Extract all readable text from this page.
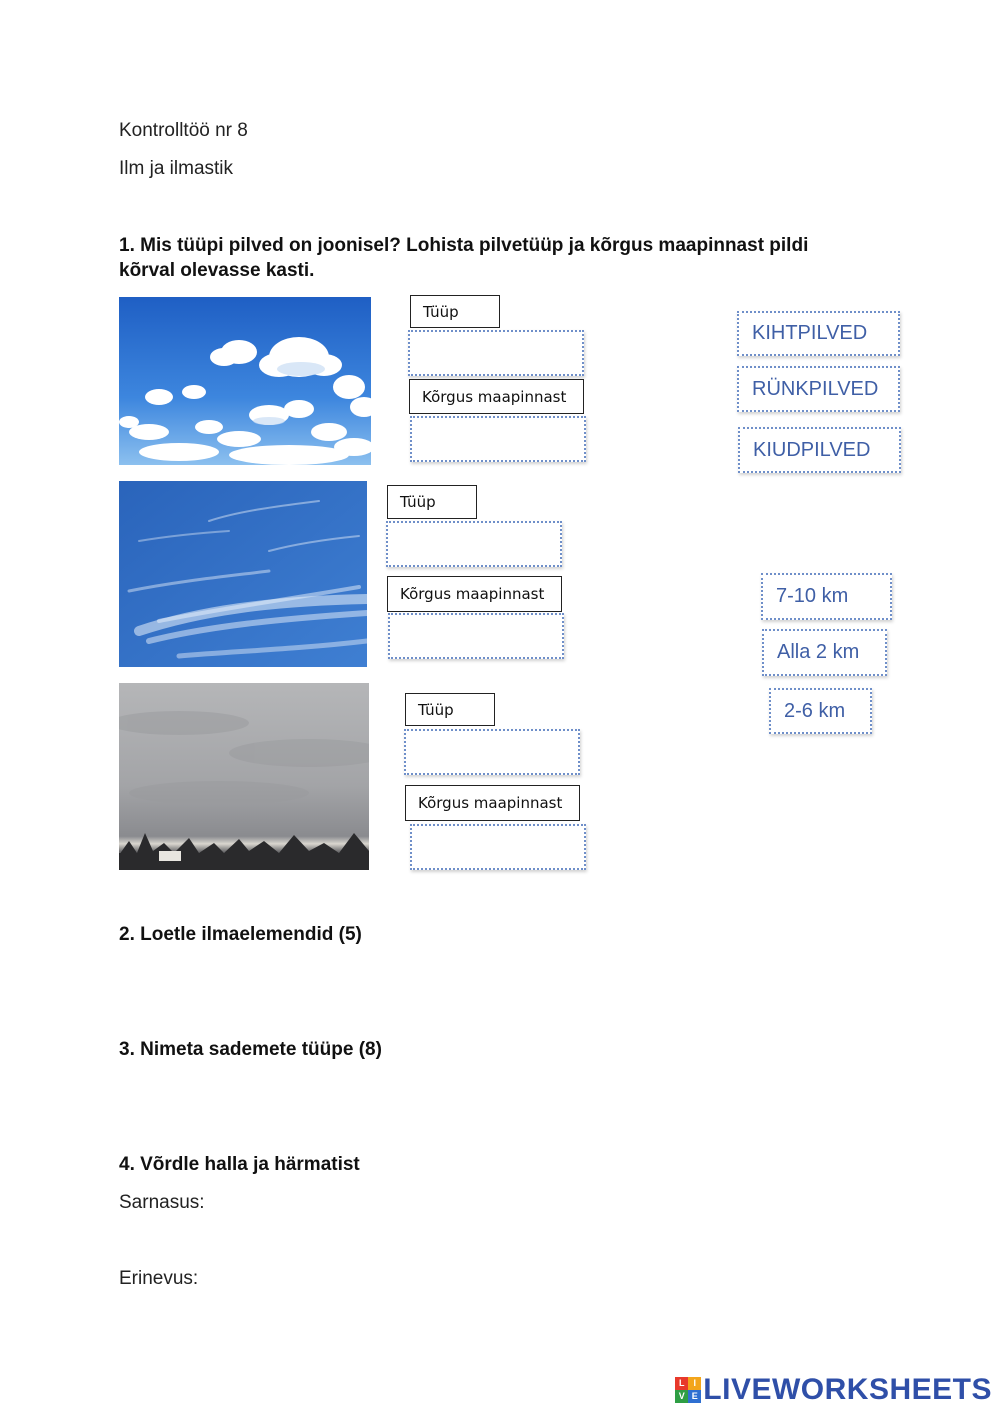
Kontrolltöö nr 8
Ilm ja ilmastik
1. Mis tüüpi pilved on joonisel? Lohista pilvetüüp ja kõrgus maapinnast pildi
kõrval olevasse kasti.
Tüüp
Kõrgus maapinnast
KIHTPILVED
RÜNKPILVED
KIUDPILVED
Tüüp
Kõrgus maapinnast	7-10 km
Alla 2 km
2-6 km
Tüüp
Kõrgus maapinnast
2. Loetle ilmaelemendid (5)
3. Nimeta sademete tüüpe (8)
4. Võrdle halla ja härmatist
Sarnasus:
Erinevus:
L I
V E LIVEWORKSHEETS
